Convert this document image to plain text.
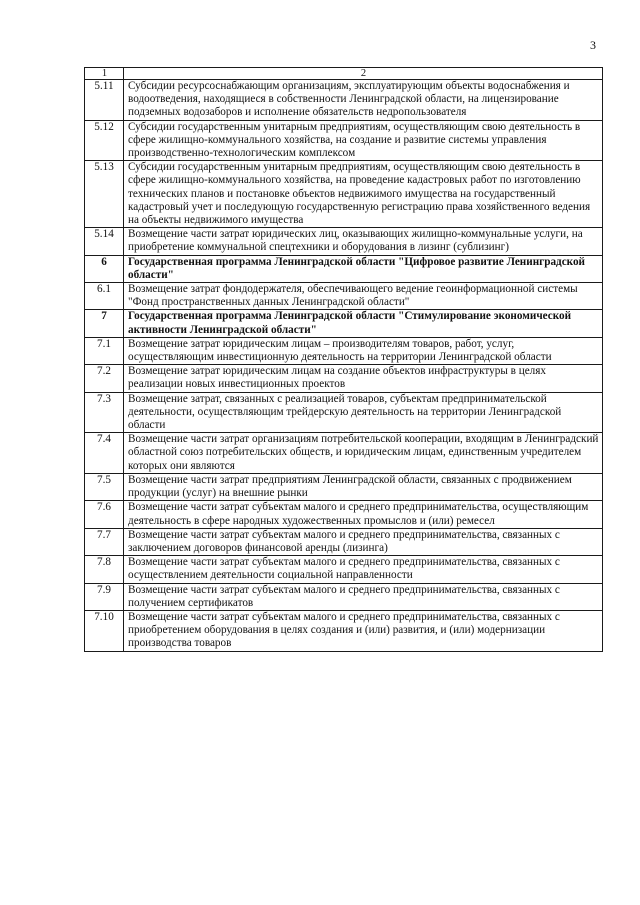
3
1	2
5.11	Субсидии ресурсоснабжающим организациям, эксплуатирующим объекты водоснабжения и водоотведения, находящиеся в собственности Ленинградской области, на лицензирование подземных водозаборов и исполнение обязательств недропользователя
5.12	Субсидии государственным унитарным предприятиям, осуществляющим свою деятельность в сфере жилищно-коммунального хозяйства, на создание и развитие системы управления производственно-технологическим комплексом
5.13	Субсидии государственным унитарным предприятиям, осуществляющим свою деятельность в сфере жилищно-коммунального хозяйства, на проведение кадастровых работ по изготовлению технических планов и постановке объектов недвижимого имущества на государственный кадастровый учет и последующую государственную регистрацию права хозяйственного ведения на объекты недвижимого имущества
5.14	Возмещение части затрат юридических лиц, оказывающих жилищно-коммунальные услуги, на приобретение коммунальной спецтехники и оборудования в лизинг (сублизинг)
6	Государственная программа Ленинградской области "Цифровое развитие Ленинградской области"
6.1	Возмещение затрат фондодержателя, обеспечивающего ведение геоинформационной системы "Фонд пространственных данных Ленинградской области"
7	Государственная программа Ленинградской области "Стимулирование экономической активности Ленинградской области"
7.1	Возмещение затрат юридическим лицам – производителям товаров, работ, услуг, осуществляющим инвестиционную деятельность на территории Ленинградской области
7.2	Возмещение затрат юридическим лицам на создание объектов инфраструктуры в целях реализации новых инвестиционных проектов
7.3	Возмещение затрат, связанных с реализацией товаров, субъектам предпринимательской деятельности, осуществляющим трейдерскую деятельность на территории Ленинградской области
7.4	Возмещение части затрат организациям потребительской кооперации, входящим в Ленинградский областной союз потребительских обществ, и юридическим лицам, единственным учредителем которых они являются
7.5	Возмещение части затрат предприятиям Ленинградской области, связанных с продвижением продукции (услуг) на внешние рынки
7.6	Возмещение части затрат субъектам малого и среднего предпринимательства, осуществляющим деятельность в сфере народных художественных промыслов и (или) ремесел
7.7	Возмещение части затрат субъектам малого и среднего предпринимательства, связанных с заключением договоров финансовой аренды (лизинга)
7.8	Возмещение части затрат субъектам малого и среднего предпринимательства, связанных с осуществлением деятельности социальной направленности
7.9	Возмещение части затрат субъектам малого и среднего предпринимательства, связанных с получением сертификатов
7.10	Возмещение части затрат субъектам малого и среднего предпринимательства, связанных с приобретением оборудования в целях создания и (или) развития, и (или) модернизации производства товаров
